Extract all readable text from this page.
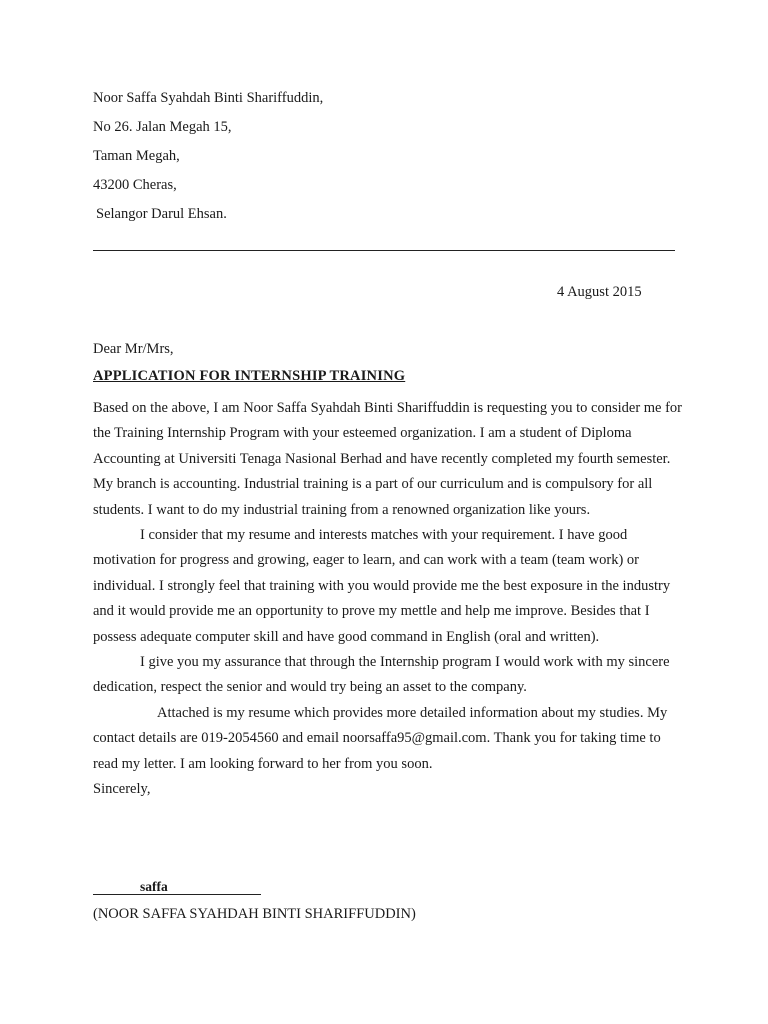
Noor Saffa Syahdah Binti Shariffuddin,
No 26. Jalan Megah 15,
Taman Megah,
43200 Cheras,
Selangor Darul Ehsan.
4 August 2015
Dear Mr/Mrs,
APPLICATION FOR INTERNSHIP TRAINING

Based on the above, I am Noor Saffa Syahdah Binti Shariffuddin is requesting you to consider me for the Training Internship Program with your esteemed organization. I am a student of Diploma Accounting at Universiti Tenaga Nasional Berhad and have recently completed my fourth semester. My branch is accounting. Industrial training is a part of our curriculum and is compulsory for all students. I want to do my industrial training from a renowned organization like yours.

I consider that my resume and interests matches with your requirement. I have good motivation for progress and growing, eager to learn, and can work with a team (team work) or individual. I strongly feel that training with you would provide me the best exposure in the industry and it would provide me an opportunity to prove my mettle and help me improve. Besides that I possess adequate computer skill and have good command in English (oral and written).

I give you my assurance that through the Internship program I would work with my sincere dedication, respect the senior and would try being an asset to the company.

Attached is my resume which provides more detailed information about my studies. My contact details are 019-2054560 and email noorsaffa95@gmail.com. Thank you for taking time to read my letter. I am looking forward to her from you soon.

Sincerely,

saffa
(NOOR SAFFA SYAHDAH BINTI SHARIFFUDDIN)
